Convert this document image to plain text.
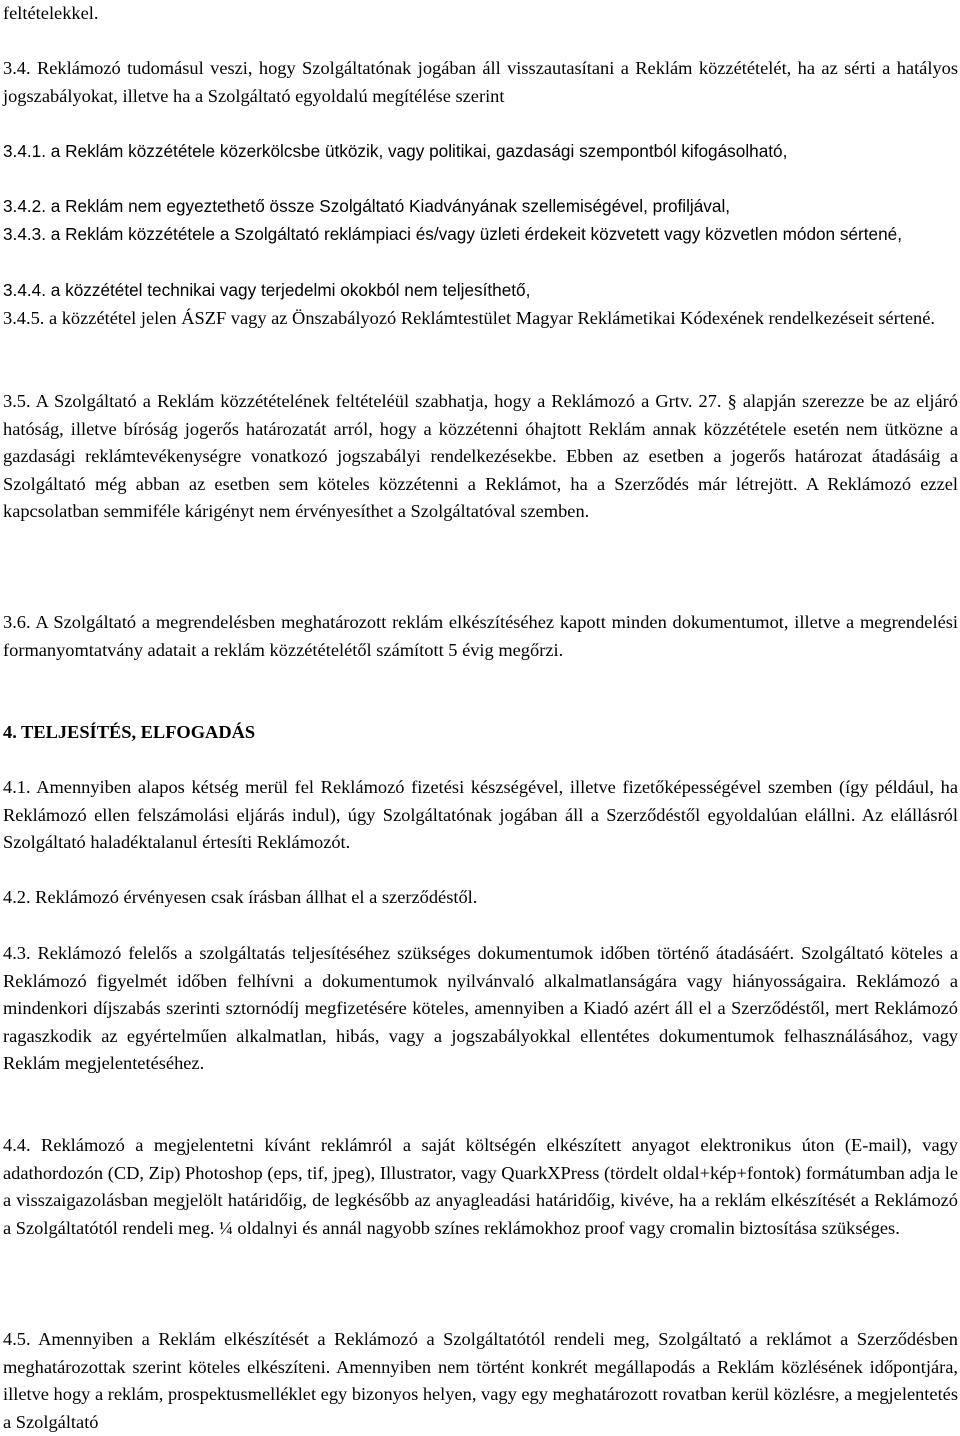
feltételekkel.

3.4. Reklámozó tudomásul veszi, hogy Szolgáltatónak jogában áll visszautasítani a Reklám közzétételét, ha az sérti a hatályos jogszabályokat, illetve ha a Szolgáltató egyoldalú megítélése szerint

3.4.1. a Reklám közzététele közerkölcsbe ütközik, vagy politikai, gazdasági szempontból kifogásolható,

3.4.2. a Reklám nem egyeztethető össze Szolgáltató Kiadványának szellemiségével, profiljával,

3.4.3. a Reklám közzététele a Szolgáltató reklámpiaci és/vagy üzleti érdekeit közvetett vagy közvetlen módon sértené,

3.4.4. a közzététel technikai vagy terjedelmi okokból nem teljesíthető,

3.4.5. a közzététel jelen ÁSZF vagy az Önszabályozó Reklámtestület Magyar Reklámetikai Kódexének rendelkezéseit sértené.

3.5. A Szolgáltató a Reklám közzétételének feltételéül szabhatja, hogy a Reklámozó a Grtv. 27. § alapján szerezze be az eljáró hatóság, illetve bíróság jogerős határozatát arról, hogy a közzétenni óhajtott Reklám annak közzététele esetén nem ütközne a gazdasági reklámtevékenységre vonatkozó jogszabályi rendelkezésekbe. Ebben az esetben a jogerős határozat átadásáig a Szolgáltató még abban az esetben sem köteles közzétenni a Reklámot, ha a Szerződés már létrejött. A Reklámozó ezzel kapcsolatban semmiféle kárigényt nem érvényesíthet a Szolgáltatóval szemben.

3.6. A Szolgáltató a megrendelésben meghatározott reklám elkészítéséhez kapott minden dokumentumot, illetve a megrendelési formanyomtatvány adatait a reklám közzétételétől számított 5 évig megőrzi.

4. TELJESÍTÉS, ELFOGADÁS

4.1. Amennyiben alapos kétség merül fel Reklámozó fizetési készségével, illetve fizetőképességével szemben (így például, ha Reklámozó ellen felszámolási eljárás indul), úgy Szolgáltatónak jogában áll a Szerződéstől egyoldalúan elállni. Az elállásról Szolgáltató haladéktalanul értesíti Reklámozót.

4.2. Reklámozó érvényesen csak írásban állhat el a szerződéstől.

4.3. Reklámozó felelős a szolgáltatás teljesítéséhez szükséges dokumentumok időben történő átadásáért. Szolgáltató köteles a Reklámozó figyelmét időben felhívni a dokumentumok nyilvánvaló alkalmatlanságára vagy hiányosságaira. Reklámozó a mindenkori díjszabás szerinti sztornódíj megfizetésére köteles, amennyiben a Kiadó azért áll el a Szerződéstől, mert Reklámozó ragaszkodik az egyértelműen alkalmatlan, hibás, vagy a jogszabályokkal ellentétes dokumentumok felhasználásához, vagy Reklám megjelentetéséhez.

4.4. Reklámozó a megjelentetni kívánt reklámról a saját költségén elkészített anyagot elektronikus úton (E-mail), vagy adathordozón (CD, Zip) Photoshop (eps, tif, jpeg), Illustrator, vagy QuarkXPress (tördelt oldal+kép+fontok) formátumban adja le a visszaigazolásban megjelölt határidőig, de legkésőbb az anyagleadási határidőig, kivéve, ha a reklám elkészítését a Reklámozó a Szolgáltatótól rendeli meg. ¼ oldalnyi és annál nagyobb színes reklámokhoz proof vagy cromalin biztosítása szükséges.

4.5. Amennyiben a Reklám elkészítését a Reklámozó a Szolgáltatótól rendeli meg, Szolgáltató a reklámot a Szerződésben meghatározottak szerint köteles elkészíteni. Amennyiben nem történt konkrét megállapodás a Reklám közlésének időpontjára, illetve hogy a reklám, prospektusmelléklet egy bizonyos helyen, vagy egy meghatározott rovatban kerül közlésre, a megjelentetés a Szolgáltató
